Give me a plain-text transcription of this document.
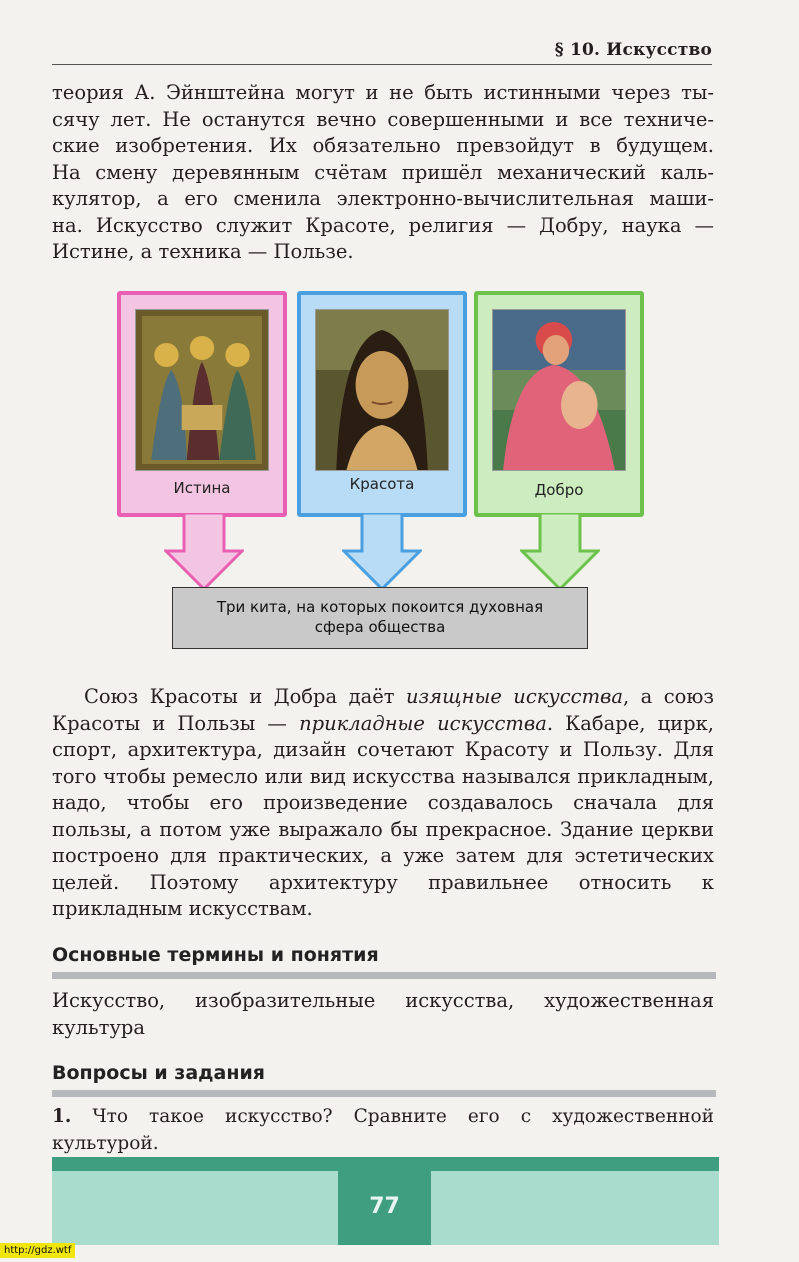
§ 10. Искусство
теория А. Эйнштейна могут и не быть истинными через ты-
сячу лет. Не останутся вечно совершенными и все техниче-
ские изобретения. Их обязательно превзойдут в будущем.
На смену деревянным счётам пришёл механический каль-
кулятор, а его сменила электронно-вычислительная маши-
на. Искусство служит Красоте, религия — Добру, наука —
Истине, а техника — Пользе.
Истина	Красота	Добро
Три кита, на которых покоится духовная
сфера общества

Союз Красоты и Добра даёт изящные искусства, а союз Красоты и Пользы — прикладные искусства. Кабаре, цирк, спорт, архитектура, дизайн сочетают Красоту и Пользу. Для того чтобы ремесло или вид искусства назывался прикладным, надо, чтобы его произведение создавалось сначала для пользы, а потом уже выражало бы прекрасное. Здание церкви построено для практических, а уже затем для эстетических целей. Поэтому архитектуру правильнее относить к прикладным искусствам.

Основные термины и понятия
Искусство, изобразительные искусства, художественная культура
Вопросы и задания
1. Что такое искусство? Сравните его с художественной культурой.
77
http://gdz.wtf
